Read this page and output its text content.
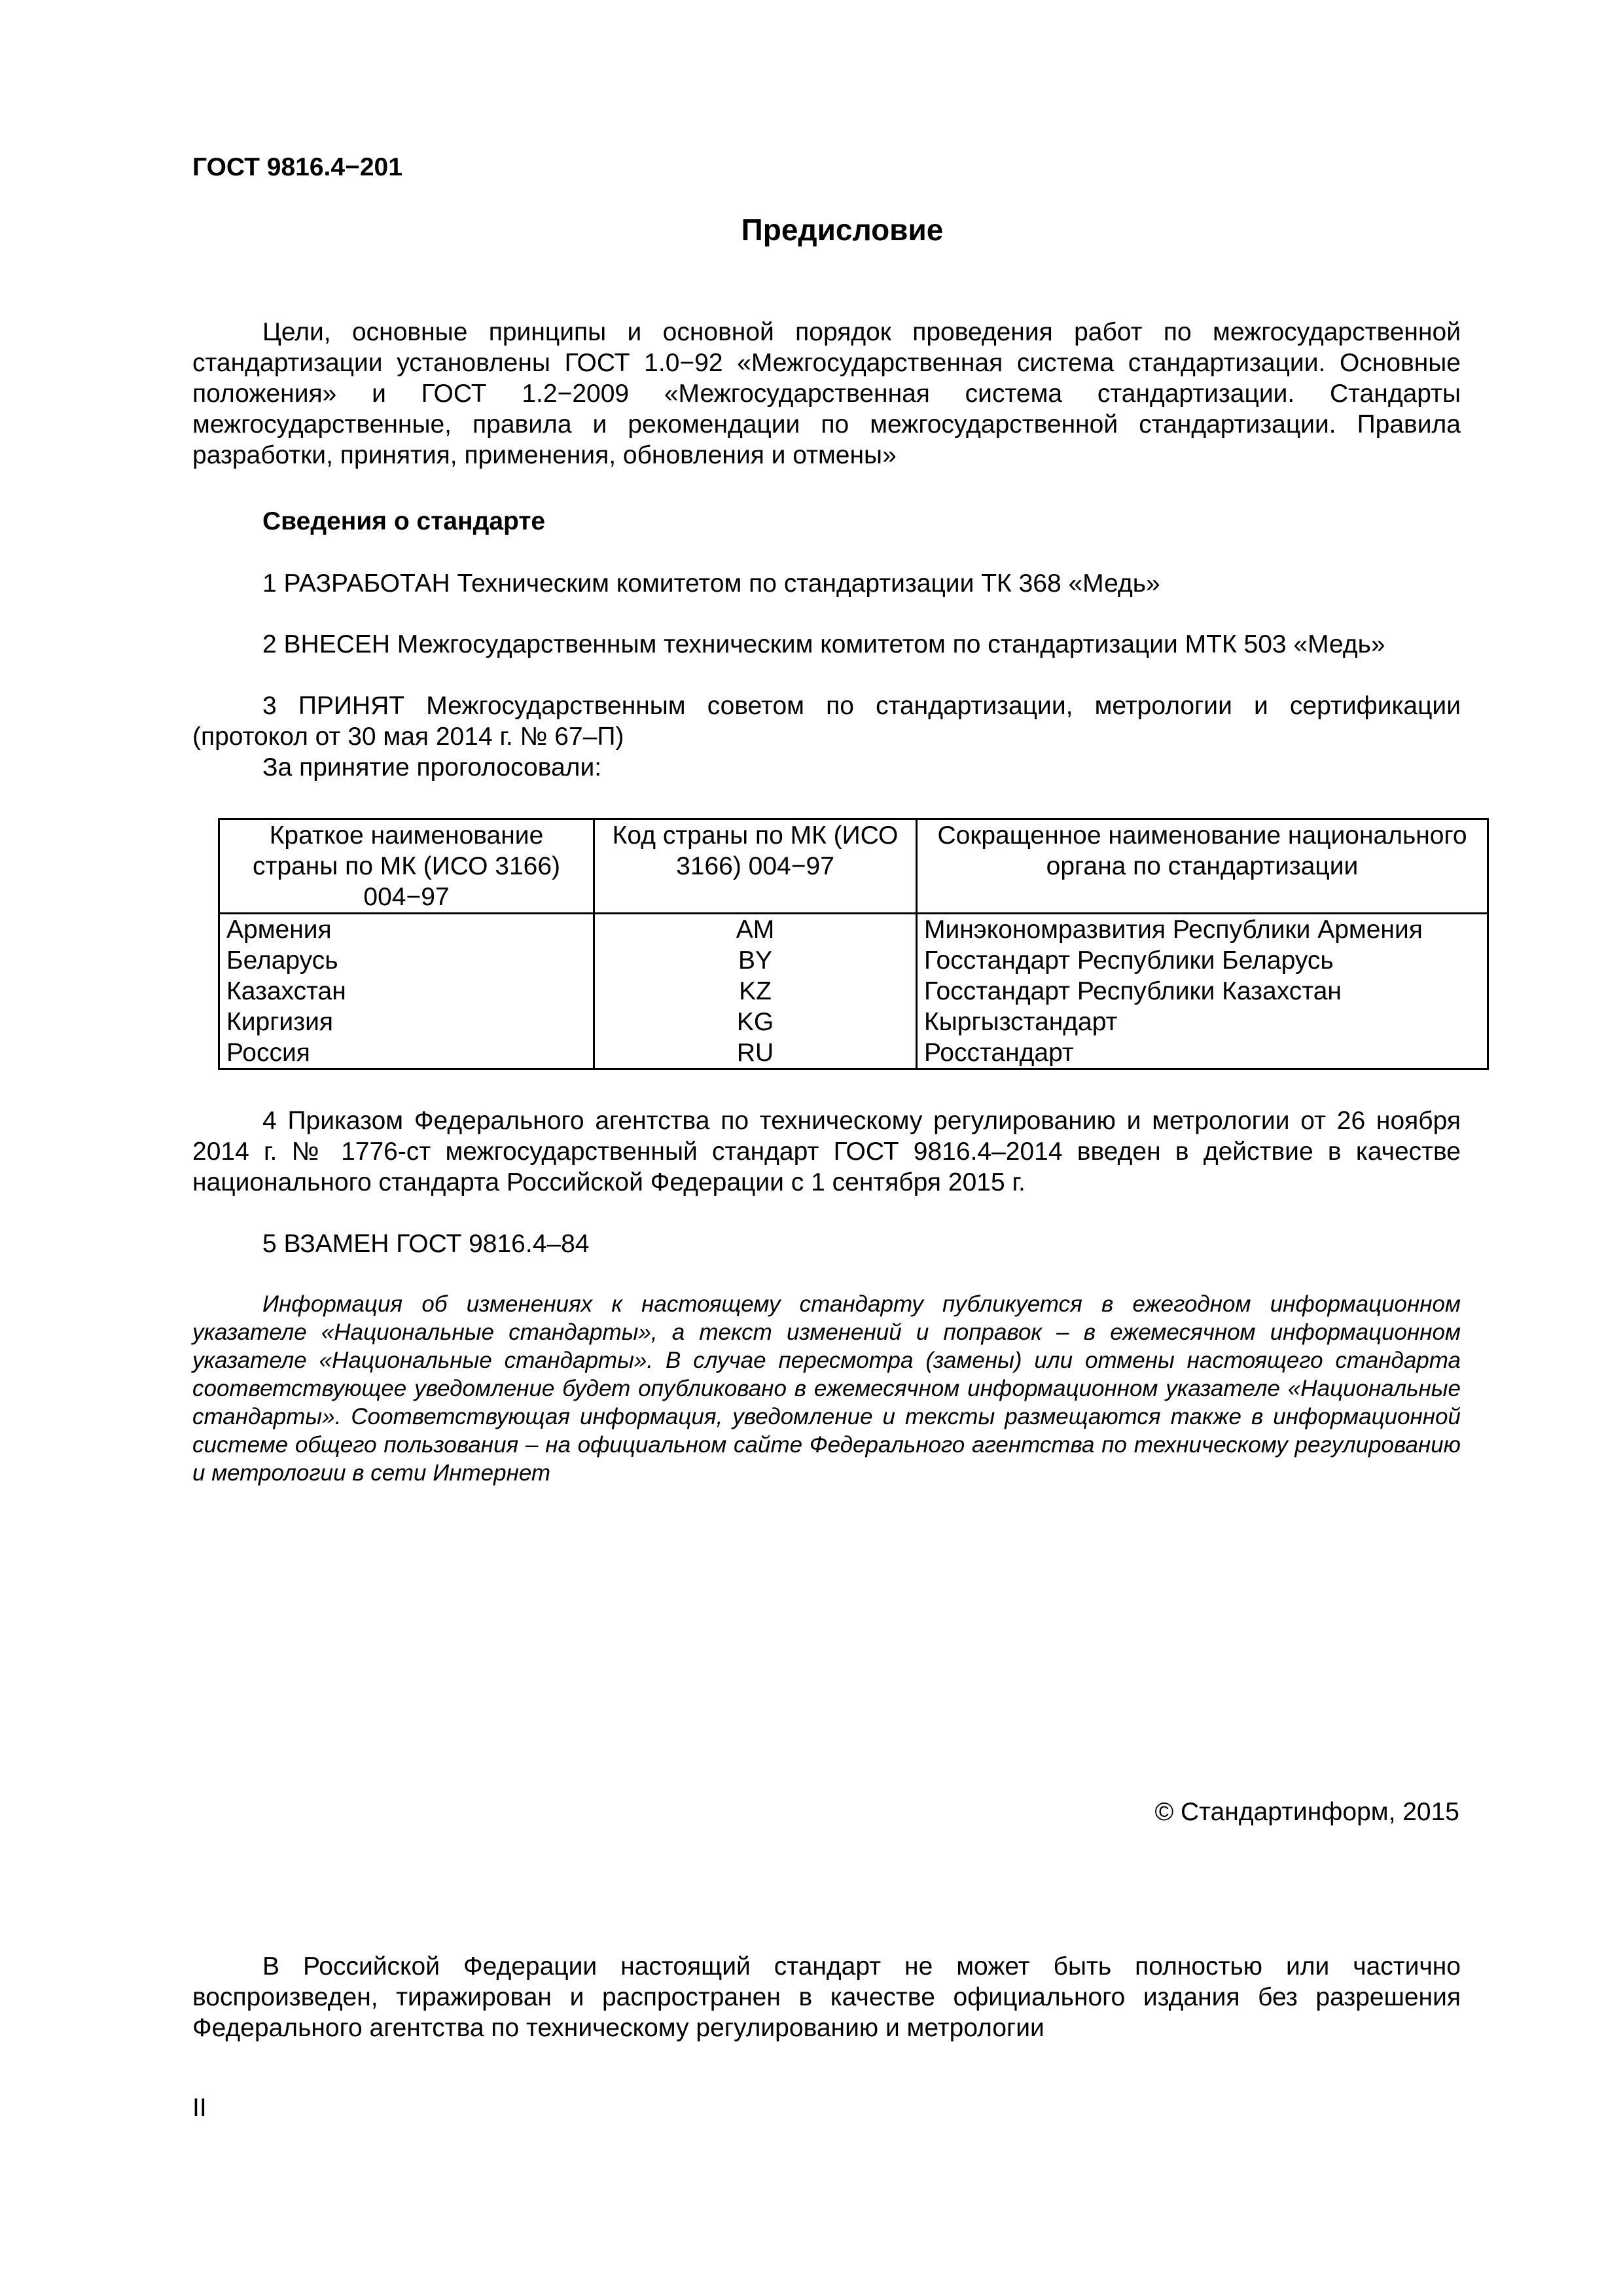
ГОСТ 9816.4−201
Предисловие
Цели, основные принципы и основной порядок проведения работ по межгосударственной стандартизации установлены ГОСТ 1.0−92 «Межгосударственная система стандартизации. Основные положения» и ГОСТ 1.2−2009 «Межгосударственная система стандартизации. Стандарты межгосударственные, правила и рекомендации по межгосударственной стандартизации. Правила разработки, принятия, применения, обновления и отмены»
Сведения о стандарте
1 РАЗРАБОТАН Техническим комитетом по стандартизации ТК 368 «Медь»
2 ВНЕСЕН Межгосударственным техническим комитетом по стандартизации МТК 503 «Медь»
3 ПРИНЯТ Межгосударственным советом по стандартизации, метрологии и сертификации (протокол от 30 мая 2014 г. № 67–П)
За принятие проголосовали:
Краткое наименование страны по МК (ИСО 3166) 004−97	Код страны по МК (ИСО 3166) 004−97	Сокращенное наименование национального органа по стандартизации
Армения	AM	Минэкономразвития Республики Армения
Беларусь	BY	Госстандарт Республики Беларусь
Казахстан	KZ	Госстандарт Республики Казахстан
Киргизия	KG	Кыргызстандарт
Россия	RU	Росстандарт
4 Приказом Федерального агентства по техническому регулированию и метрологии от 26 ноября 2014 г. № 1776-ст межгосударственный стандарт ГОСТ 9816.4–2014 введен в действие в качестве национального стандарта Российской Федерации с 1 сентября 2015 г.
5 ВЗАМЕН ГОСТ 9816.4–84
Информация об изменениях к настоящему стандарту публикуется в ежегодном информационном указателе «Национальные стандарты», а текст изменений и поправок – в ежемесячном информационном указателе «Национальные стандарты». В случае пересмотра (замены) или отмены настоящего стандарта соответствующее уведомление будет опубликовано в ежемесячном информационном указателе «Национальные стандарты». Соответствующая информация, уведомление и тексты размещаются также в информационной системе общего пользования – на официальном сайте Федерального агентства по техническому регулированию и метрологии в сети Интернет
© Стандартинформ, 2015
В Российской Федерации настоящий стандарт не может быть полностью или частично воспроизведен, тиражирован и распространен в качестве официального издания без разрешения Федерального агентства по техническому регулированию и метрологии
II
